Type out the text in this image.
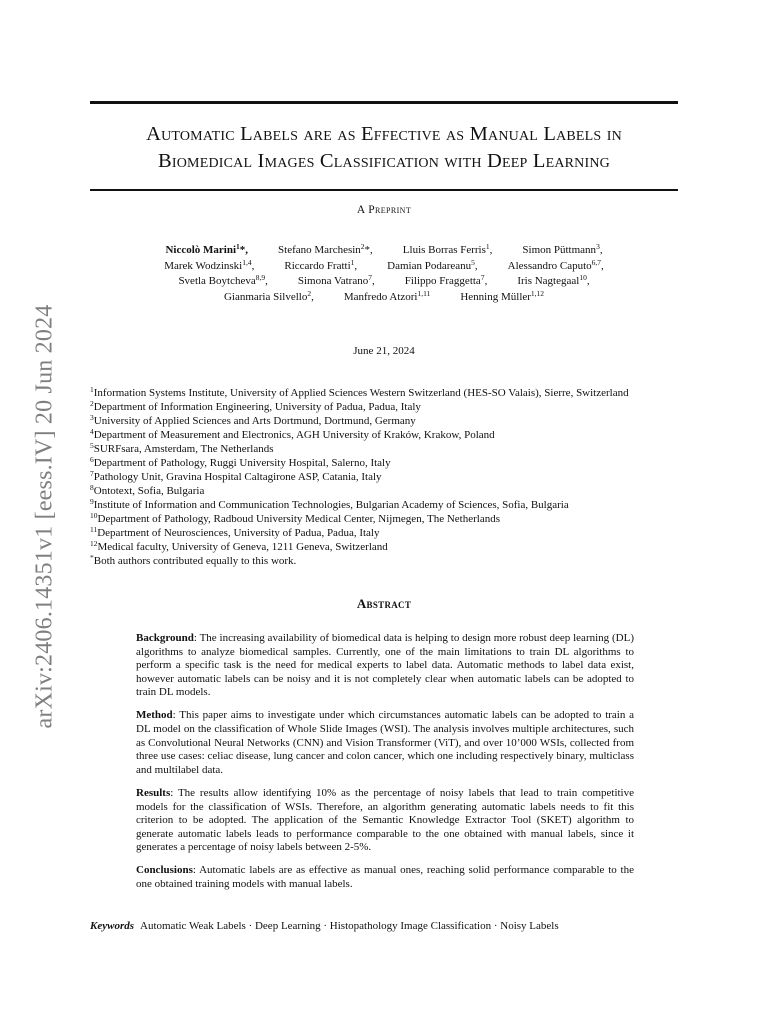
arXiv:2406.14351v1 [eess.IV] 20 Jun 2024
Automatic Labels are as Effective as Manual Labels in
Biomedical Images Classification with Deep Learning
A Preprint
Niccolò Marini$^1$*,	Stefano Marchesin$^2$*,	Lluis Borras Ferris$^1$,	Simon Püttmann$^3$,
Marek Wodzinski$^{1,4}$,	Riccardo Fratti$^1$,	Damian Podareanu$^5$,	Alessandro Caputo$^{6,7}$,
Svetla Boytcheva$^{8,9}$,	Simona Vatrano$^7$,	Filippo Fraggetta$^7$,	Iris Nagtegaal$^{10}$,
Gianmaria Silvello$^2$,	Manfredo Atzori$^{1,11}$	Henning Müller$^{1,12}$
June 21, 2024
$^1$Information Systems Institute, University of Applied Sciences Western Switzerland (HES-SO Valais), Sierre, Switzerland
$^2$Department of Information Engineering, University of Padua, Padua, Italy
$^3$University of Applied Sciences and Arts Dortmund, Dortmund, Germany
$^4$Department of Measurement and Electronics, AGH University of Kraków, Krakow, Poland
$^5$SURFsara, Amsterdam, The Netherlands
$^6$Department of Pathology, Ruggi University Hospital, Salerno, Italy
$^7$Pathology Unit, Gravina Hospital Caltagirone ASP, Catania, Italy
$^8$Ontotext, Sofia, Bulgaria
$^9$Institute of Information and Communication Technologies, Bulgarian Academy of Sciences, Sofia, Bulgaria
$^{10}$Department of Pathology, Radboud University Medical Center, Nijmegen, The Netherlands
$^{11}$Department of Neurosciences, University of Padua, Padua, Italy
$^{12}$Medical faculty, University of Geneva, 1211 Geneva, Switzerland
*Both authors contributed equally to this work.
Abstract

Background: The increasing availability of biomedical data is helping to design more robust deep learning (DL) algorithms to analyze biomedical samples. Currently, one of the main limitations to train DL algorithms to perform a specific task is the need for medical experts to label data. Automatic methods to label data exist, however automatic labels can be noisy and it is not completely clear when automatic labels can be adopted to train DL models.

Method: This paper aims to investigate under which circumstances automatic labels can be adopted to train a DL model on the classification of Whole Slide Images (WSI). The analysis involves multiple architectures, such as Convolutional Neural Networks (CNN) and Vision Transformer (ViT), and over 10’000 WSIs, collected from three use cases: celiac disease, lung cancer and colon cancer, which one including respectively binary, multiclass and multilabel data.

Results: The results allow identifying 10% as the percentage of noisy labels that lead to train competitive models for the classification of WSIs. Therefore, an algorithm generating automatic labels needs to fit this criterion to be adopted. The application of the Semantic Knowledge Extractor Tool (SKET) algorithm to generate automatic labels leads to performance comparable to the one obtained with manual labels, since it generates a percentage of noisy labels between 2-5%.

Conclusions: Automatic labels are as effective as manual ones, reaching solid performance comparable to the one obtained training models with manual labels.

Keywords Automatic Weak Labels · Deep Learning · Histopathology Image Classification · Noisy Labels
